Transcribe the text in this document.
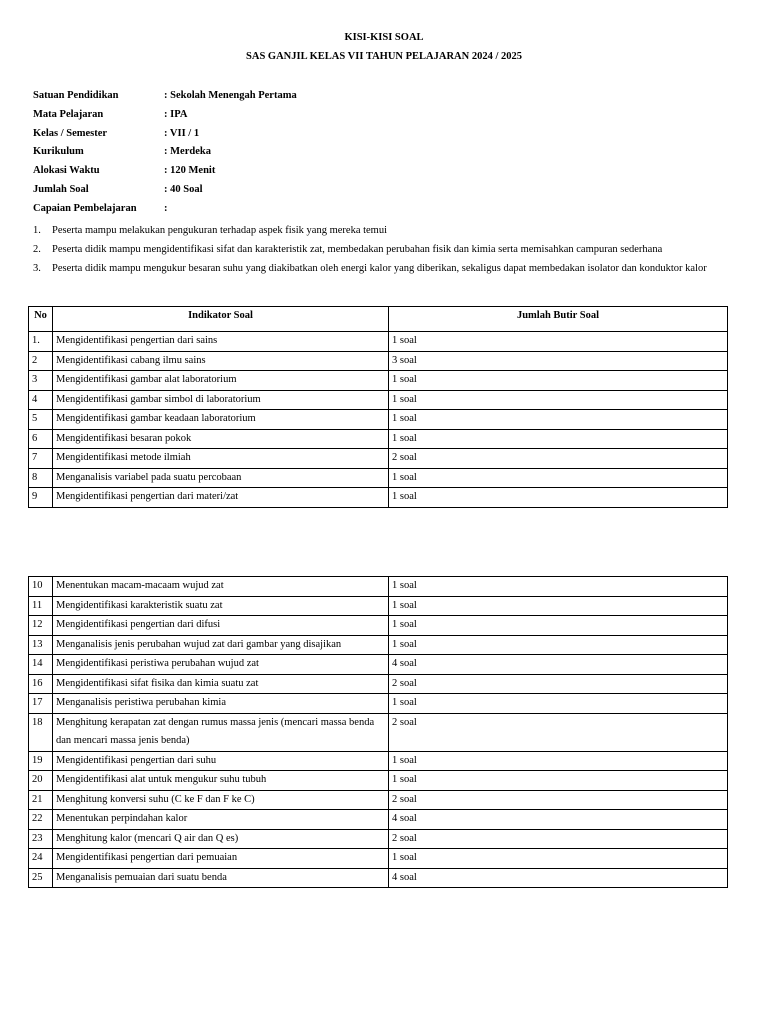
KISI-KISI SOAL
SAS GANJIL KELAS VII TAHUN PELAJARAN 2024 / 2025
Satuan Pendidikan	: Sekolah Menengah Pertama
Mata Pelajaran	: IPA
Kelas / Semester	: VII / 1
Kurikulum	: Merdeka
Alokasi Waktu	: 120 Menit
Jumlah Soal	: 40 Soal
Capaian Pembelajaran	:
1.	Peserta mampu melakukan pengukuran terhadap aspek fisik yang mereka temui
2.	Peserta didik mampu mengidentifikasi sifat dan karakteristik zat, membedakan perubahan fisik dan kimia serta memisahkan campuran sederhana
3.	Peserta didik mampu mengukur besaran suhu yang diakibatkan oleh energi kalor yang diberikan, sekaligus dapat membedakan isolator dan konduktor kalor
No	Indikator Soal	Jumlah Butir Soal
1.	Mengidentifikasi pengertian dari sains	1 soal
2	Mengidentifikasi cabang ilmu sains	3 soal
3	Mengidentifikasi gambar alat laboratorium	1 soal
4	Mengidentifikasi gambar simbol di laboratorium	1 soal
5	Mengidentifikasi gambar keadaan laboratorium	1 soal
6	Mengidentifikasi besaran pokok	1 soal
7	Mengidentifikasi metode ilmiah	2 soal
8	Menganalisis variabel pada suatu percobaan	1 soal
9	Mengidentifikasi pengertian dari materi/zat	1 soal
10	Menentukan macam-macaam wujud zat	1 soal
11	Mengidentifikasi karakteristik suatu zat	1 soal
12	Mengidentifikasi pengertian dari difusi	1 soal
13	Menganalisis jenis perubahan wujud zat dari gambar yang disajikan	1 soal
14	Mengidentifikasi peristiwa perubahan wujud zat	4 soal
16	Mengidentifikasi sifat fisika dan kimia suatu zat	2 soal
17	Menganalisis peristiwa perubahan kimia	1 soal
18	Menghitung kerapatan zat dengan rumus massa jenis (mencari massa benda dan mencari massa jenis benda)	2 soal
19	Mengidentifikasi pengertian dari suhu	1 soal
20	Mengidentifikasi alat untuk mengukur suhu tubuh	1 soal
21	Menghitung konversi suhu (C ke F dan F ke C)	2 soal
22	Menentukan perpindahan kalor	4 soal
23	Menghitung kalor (mencari Q air dan Q es)	2 soal
24	Mengidentifikasi pengertian dari pemuaian	1 soal
25	Menganalisis pemuaian dari suatu benda	4 soal
